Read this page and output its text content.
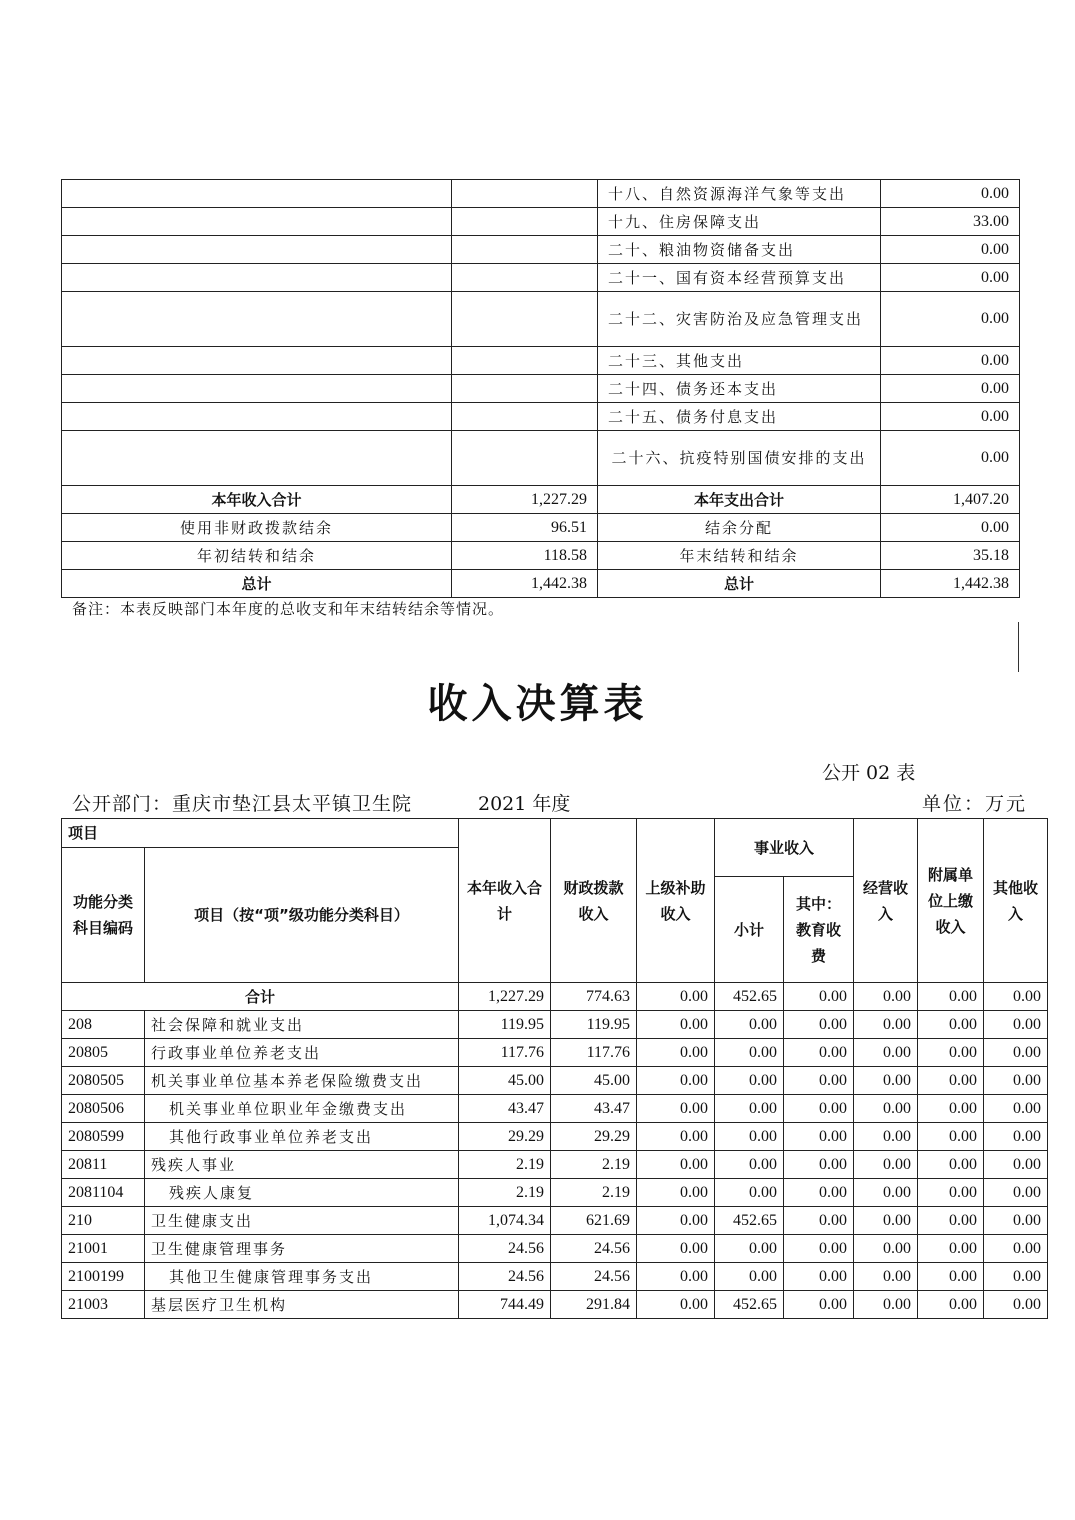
		十八、自然资源海洋气象等支出	0.00
		十九、住房保障支出	33.00
		二十、粮油物资储备支出	0.00
		二十一、国有资本经营预算支出	0.00
		二十二、灾害防治及应急管理支出	0.00
		二十三、其他支出	0.00
		二十四、债务还本支出	0.00
		二十五、债务付息支出	0.00
		二十六、抗疫特别国债安排的支出	0.00
本年收入合计	1,227.29	本年支出合计	1,407.20
使用非财政拨款结余	96.51	结余分配	0.00
年初结转和结余	118.58	年末结转和结余	35.18
总计	1,442.38	总计	1,442.38
备注：本表反映部门本年度的总收支和年末结转结余等情况。
收入决算表
公开 02 表
公开部门：重庆市垫江县太平镇卫生院	2021 年度	单位：万元
项目		本年收入合计	财政拨款收入	上级补助收入	事业收入		经营收入	附属单位上缴收入	其他收入
功能分类科目编码	项目（按“项”级功能分类科目）								
					小计	其中：教育收费			
合计		1,227.29	774.63	0.00	452.65	0.00	0.00	0.00	0.00
208	社会保障和就业支出	119.95	119.95	0.00	0.00	0.00	0.00	0.00	0.00
20805	行政事业单位养老支出	117.76	117.76	0.00	0.00	0.00	0.00	0.00	0.00
2080505	机关事业单位基本养老保险缴费支出	45.00	45.00	0.00	0.00	0.00	0.00	0.00	0.00
2080506	机关事业单位职业年金缴费支出	43.47	43.47	0.00	0.00	0.00	0.00	0.00	0.00
2080599	其他行政事业单位养老支出	29.29	29.29	0.00	0.00	0.00	0.00	0.00	0.00
20811	残疾人事业	2.19	2.19	0.00	0.00	0.00	0.00	0.00	0.00
2081104	残疾人康复	2.19	2.19	0.00	0.00	0.00	0.00	0.00	0.00
210	卫生健康支出	1,074.34	621.69	0.00	452.65	0.00	0.00	0.00	0.00
21001	卫生健康管理事务	24.56	24.56	0.00	0.00	0.00	0.00	0.00	0.00
2100199	其他卫生健康管理事务支出	24.56	24.56	0.00	0.00	0.00	0.00	0.00	0.00
21003	基层医疗卫生机构	744.49	291.84	0.00	452.65	0.00	0.00	0.00	0.00
